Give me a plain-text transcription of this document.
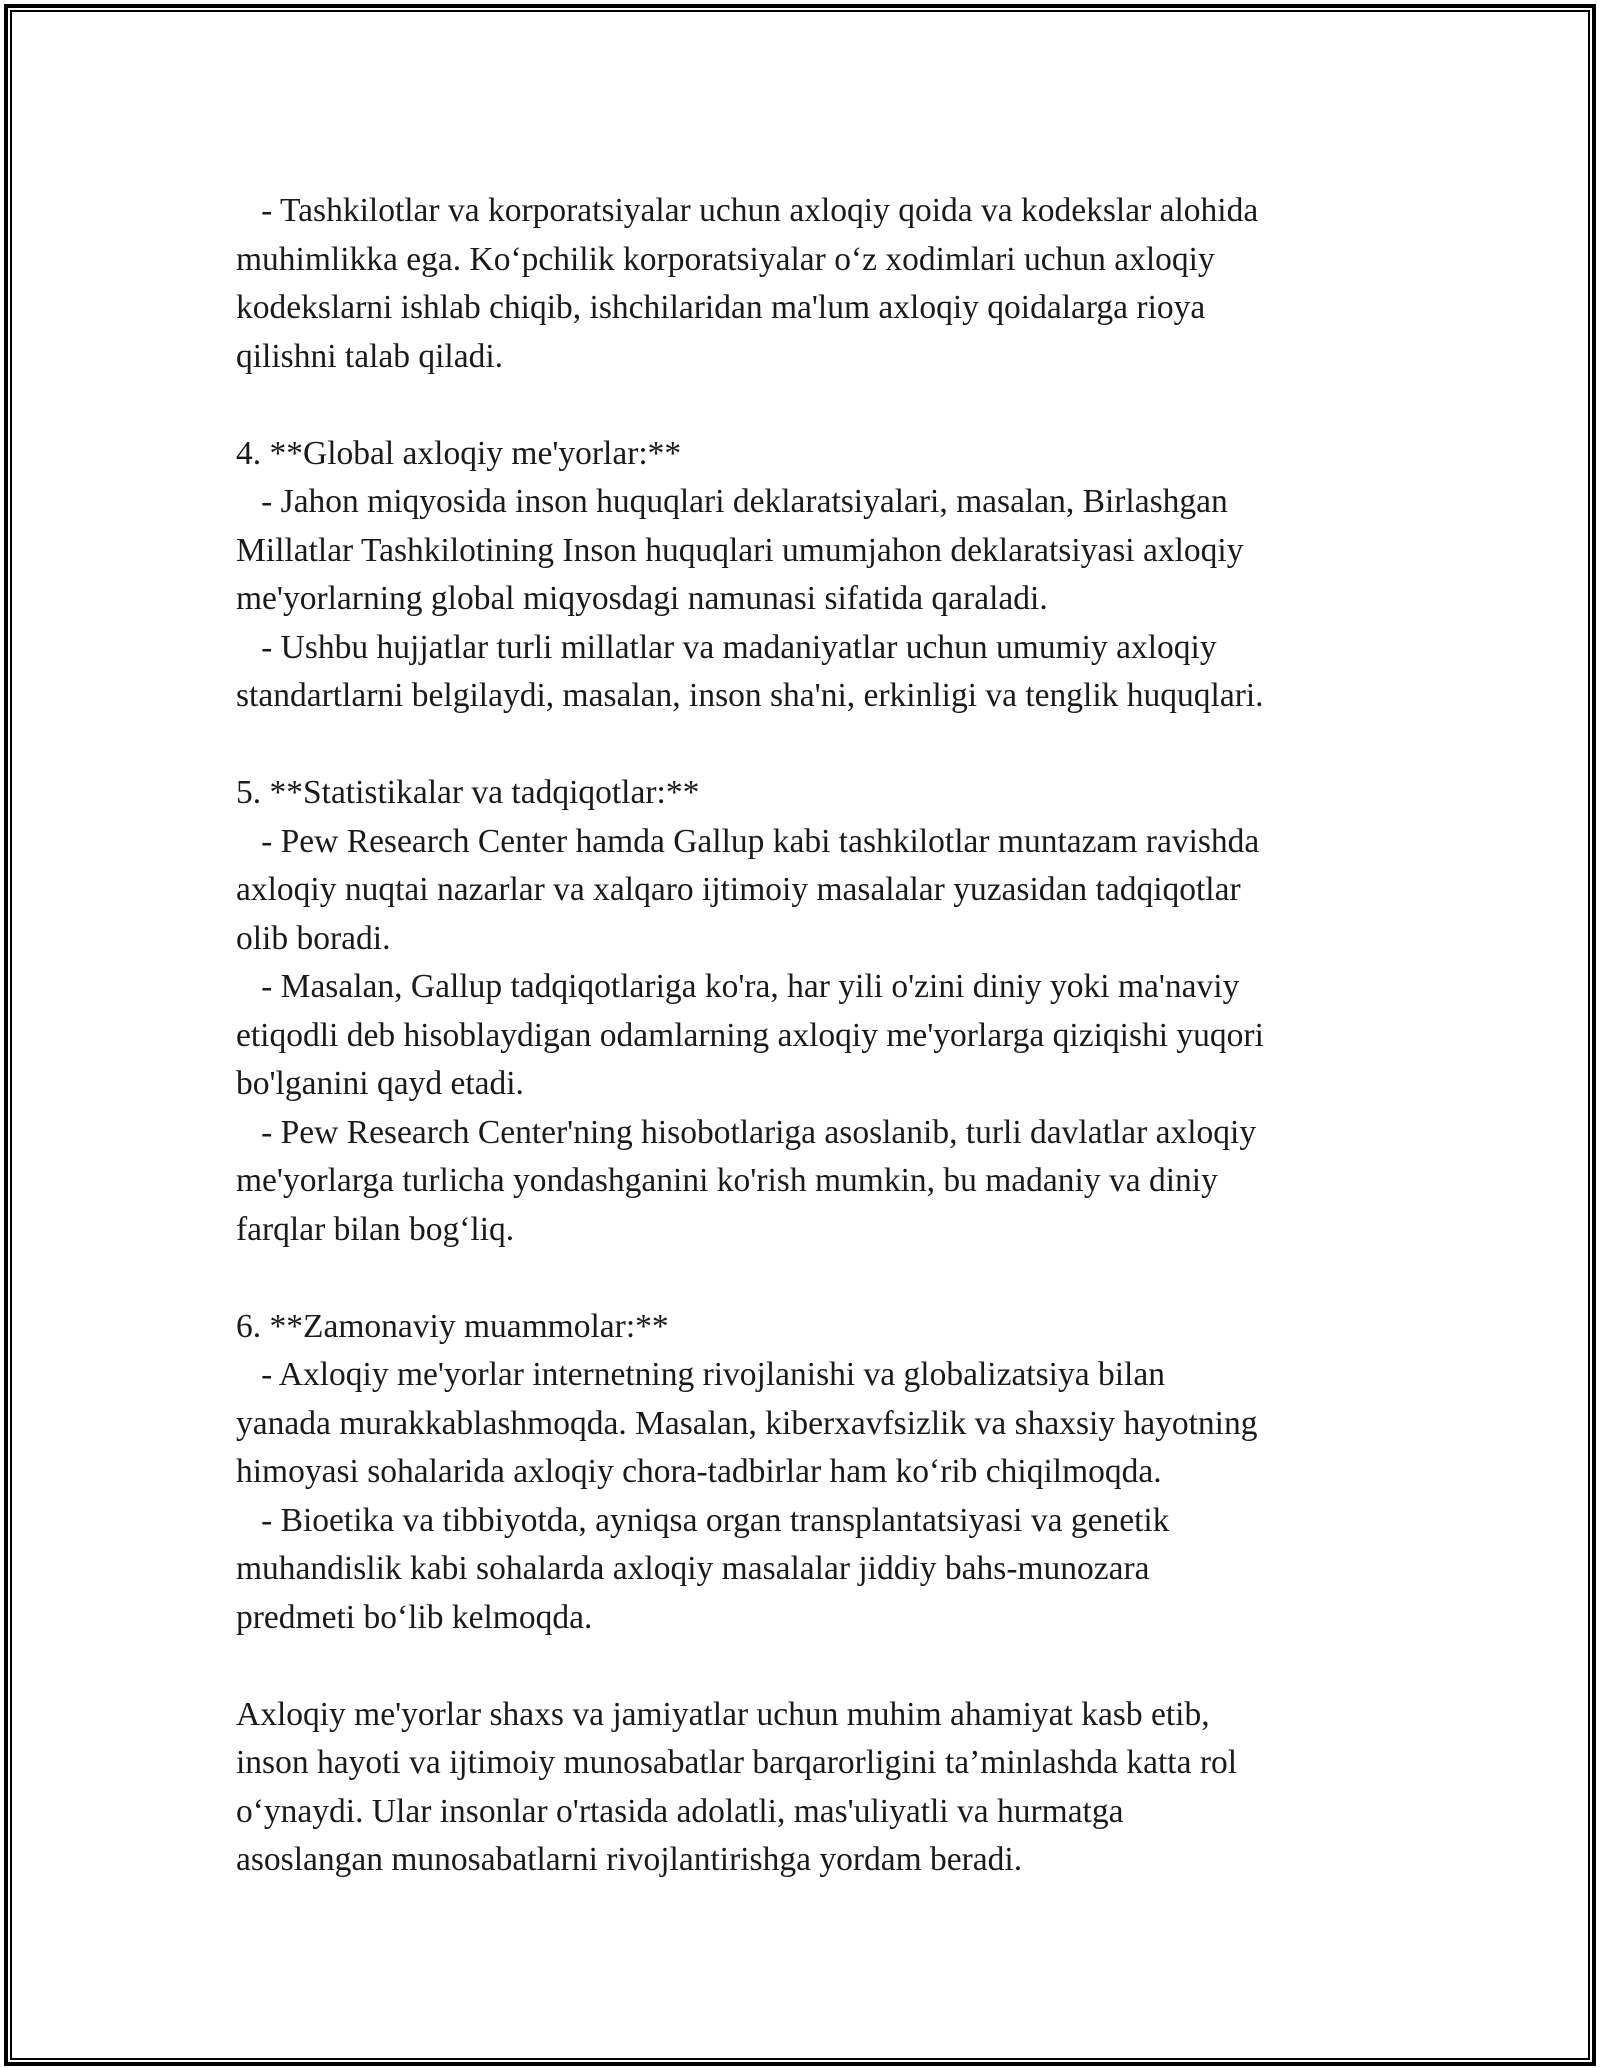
- Tashkilotlar va korporatsiyalar uchun axloqiy qoida va kodekslar alohida
muhimlikka ega. Ko‘pchilik korporatsiyalar o‘z xodimlari uchun axloqiy
kodekslarni ishlab chiqib, ishchilaridan ma'lum axloqiy qoidalarga rioya
qilishni talab qiladi.
4. **Global axloqiy me'yorlar:**
- Jahon miqyosida inson huquqlari deklaratsiyalari, masalan, Birlashgan
Millatlar Tashkilotining Inson huquqlari umumjahon deklaratsiyasi axloqiy
me'yorlarning global miqyosdagi namunasi sifatida qaraladi.
- Ushbu hujjatlar turli millatlar va madaniyatlar uchun umumiy axloqiy
standartlarni belgilaydi, masalan, inson sha'ni, erkinligi va tenglik huquqlari.
5. **Statistikalar va tadqiqotlar:**
- Pew Research Center hamda Gallup kabi tashkilotlar muntazam ravishda
axloqiy nuqtai nazarlar va xalqaro ijtimoiy masalalar yuzasidan tadqiqotlar
olib boradi.
- Masalan, Gallup tadqiqotlariga ko'ra, har yili o'zini diniy yoki ma'naviy
etiqodli deb hisoblaydigan odamlarning axloqiy me'yorlarga qiziqishi yuqori
bo'lganini qayd etadi.
- Pew Research Center'ning hisobotlariga asoslanib, turli davlatlar axloqiy
me'yorlarga turlicha yondashganini ko'rish mumkin, bu madaniy va diniy
farqlar bilan bog‘liq.
6. **Zamonaviy muammolar:**
- Axloqiy me'yorlar internetning rivojlanishi va globalizatsiya bilan
yanada murakkablashmoqda. Masalan, kiberxavfsizlik va shaxsiy hayotning
himoyasi sohalarida axloqiy chora-tadbirlar ham ko‘rib chiqilmoqda.
- Bioetika va tibbiyotda, ayniqsa organ transplantatsiyasi va genetik
muhandislik kabi sohalarda axloqiy masalalar jiddiy bahs-munozara
predmeti bo‘lib kelmoqda.
Axloqiy me'yorlar shaxs va jamiyatlar uchun muhim ahamiyat kasb etib,
inson hayoti va ijtimoiy munosabatlar barqarorligini ta’minlashda katta rol
o‘ynaydi. Ular insonlar o'rtasida adolatli, mas'uliyatli va hurmatga
asoslangan munosabatlarni rivojlantirishga yordam beradi.
